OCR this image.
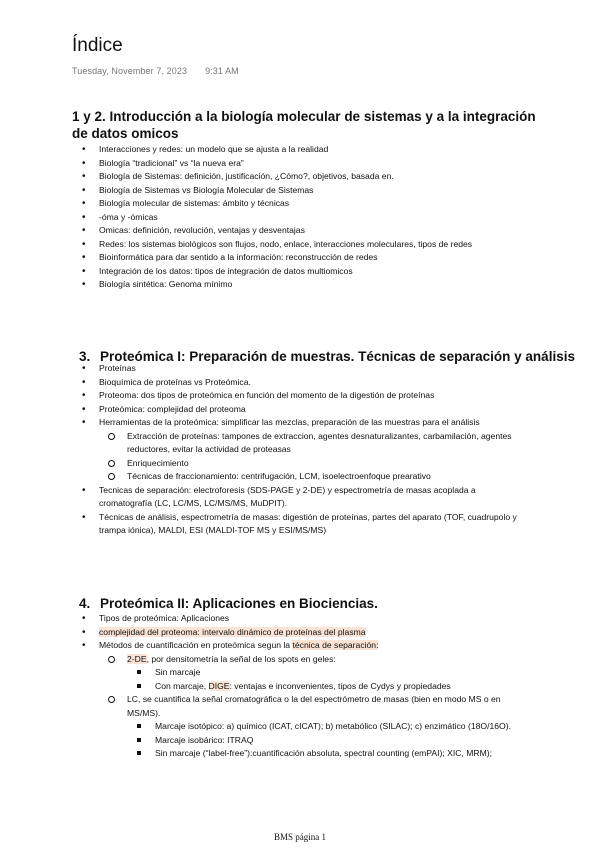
Índice
Tuesday, November 7, 2023 9:31 AM
1 y 2. Introducción a la biología molecular de sistemas y a la integración de datos omicos
• Interacciones y redes: un modelo que se ajusta a la realidad
• Biología “tradicional” vs “la nueva era”
• Biología de Sistemas: definición, justificación, ¿Cómo?, objetivos, basada en.
• Biología de Sistemas vs Biología Molecular de Sistemas
• Biología molecular de sistemas: ámbito y técnicas
• -óma y -ómicas
• Omicas: definición, revolución, ventajas y desventajas
• Redes: los sistemas biológicos son flujos, nodo, enlace, interacciones moleculares, tipos de redes
• Bioinformática para dar sentido a la información: reconstrucción de redes
• Integración de los datos: tipos de integración de datos multiomicos
• Biología sintética: Genoma mínimo
3. Proteómica I: Preparación de muestras. Técnicas de separación y análisis
• Proteínas
• Bioquímica de proteínas vs Proteómica.
• Proteoma: dos tipos de proteómica en función del momento de la digestión de proteínas
• Proteómica: complejidad del proteoma
• Herramientas de la proteómica: simplificar las mezclas, preparación de las muestras para el análisis
Extracción de proteínas: tampones de extraccion, agentes desnaturalizantes, carbamilación, agentes reductores, evitar la actividad de proteasas
Enriquecimiento
Técnicas de fraccionamiento: centrifugación, LCM, isoelectroenfoque prearativo
• Tecnicas de separación: electroforesis (SDS-PAGE y 2-DE) y espectrometría de masas acoplada a cromatografía (LC, LC/MS, LC/MS/MS, MuDPIT).
• Técnicas de análisis, espectrometría de masas: digestión de proteínas, partes del aparato (TOF, cuadrupolo y trampa iónica), MALDI, ESI (MALDI-TOF MS y ESI/MS/MS)
4. Proteómica II: Aplicaciones en Biociencias.
• Tipos de proteómica: Aplicaciones
• complejidad del proteoma: intervalo dinámico de proteínas del plasma
• Métodos de cuantificación en proteómica segun la técnica de separación:
2-DE, por densitometría la señal de los spots en geles:
Sin marcaje
Con marcaje, DIGE: ventajas e inconvenientes, tipos de Cydys y propiedades
LC, se cuantifica la señal cromatográfica o la del espectrómetro de masas (bien en modo MS o en MS/MS).
Marcaje isotópico: a) químico (ICAT, cICAT); b) metabólico (SILAC); c) enzimático (18O/16O).
Marcaje isobárico: ITRAQ
Sin marcaje (“label-free”):cuantificación absoluta, spectral counting (emPAI); XIC, MRM);
BMS página 1
